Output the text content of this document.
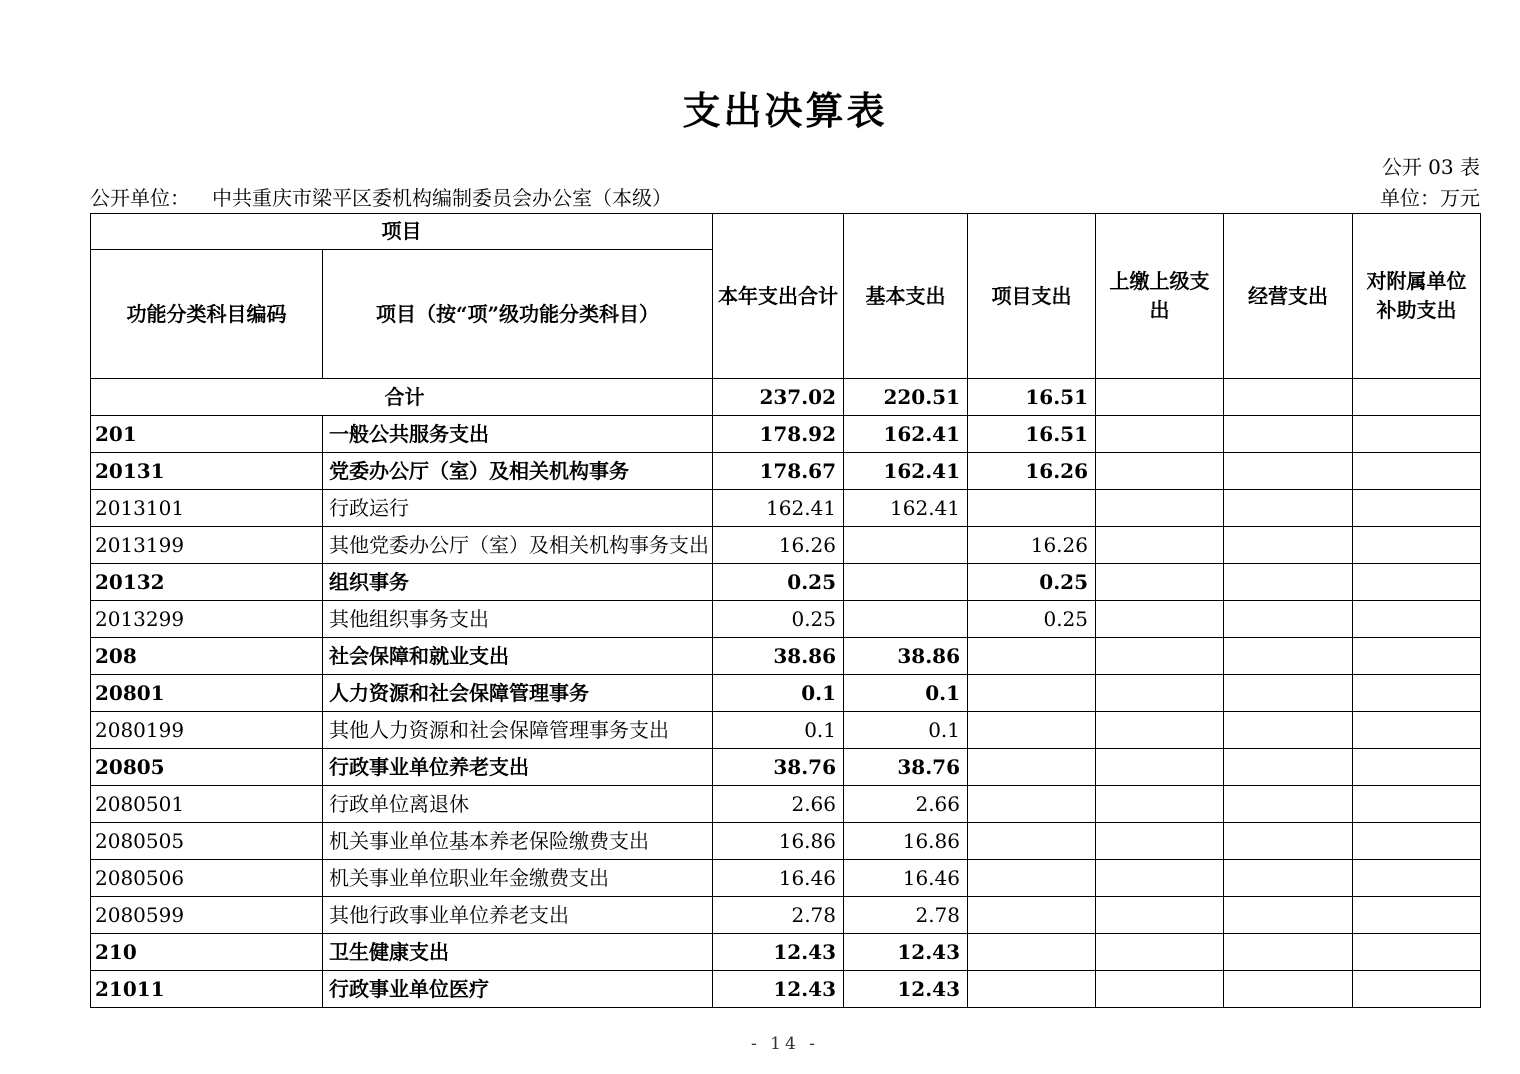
支出决算表
公开 03 表
公开单位： 中共重庆市梁平区委机构编制委员会办公室（本级）	单位：万元
项目		本年支出合计	基本支出	项目支出	上缴上级支出	经营支出	对附属单位补助支出
功能分类科目编码	项目（按“项”级功能分类科目）						
合计		237.02	220.51	16.51			
201	一般公共服务支出	178.92	162.41	16.51			
20131	党委办公厅（室）及相关机构事务	178.67	162.41	16.26			
2013101	行政运行	162.41	162.41				
2013199	其他党委办公厅（室）及相关机构事务支出	16.26		16.26			
20132	组织事务	0.25		0.25			
2013299	其他组织事务支出	0.25		0.25			
208	社会保障和就业支出	38.86	38.86				
20801	人力资源和社会保障管理事务	0.1	0.1				
2080199	其他人力资源和社会保障管理事务支出	0.1	0.1				
20805	行政事业单位养老支出	38.76	38.76				
2080501	行政单位离退休	2.66	2.66				
2080505	机关事业单位基本养老保险缴费支出	16.86	16.86				
2080506	机关事业单位职业年金缴费支出	16.46	16.46				
2080599	其他行政事业单位养老支出	2.78	2.78				
210	卫生健康支出	12.43	12.43				
21011	行政事业单位医疗	12.43	12.43				
- 14 -
